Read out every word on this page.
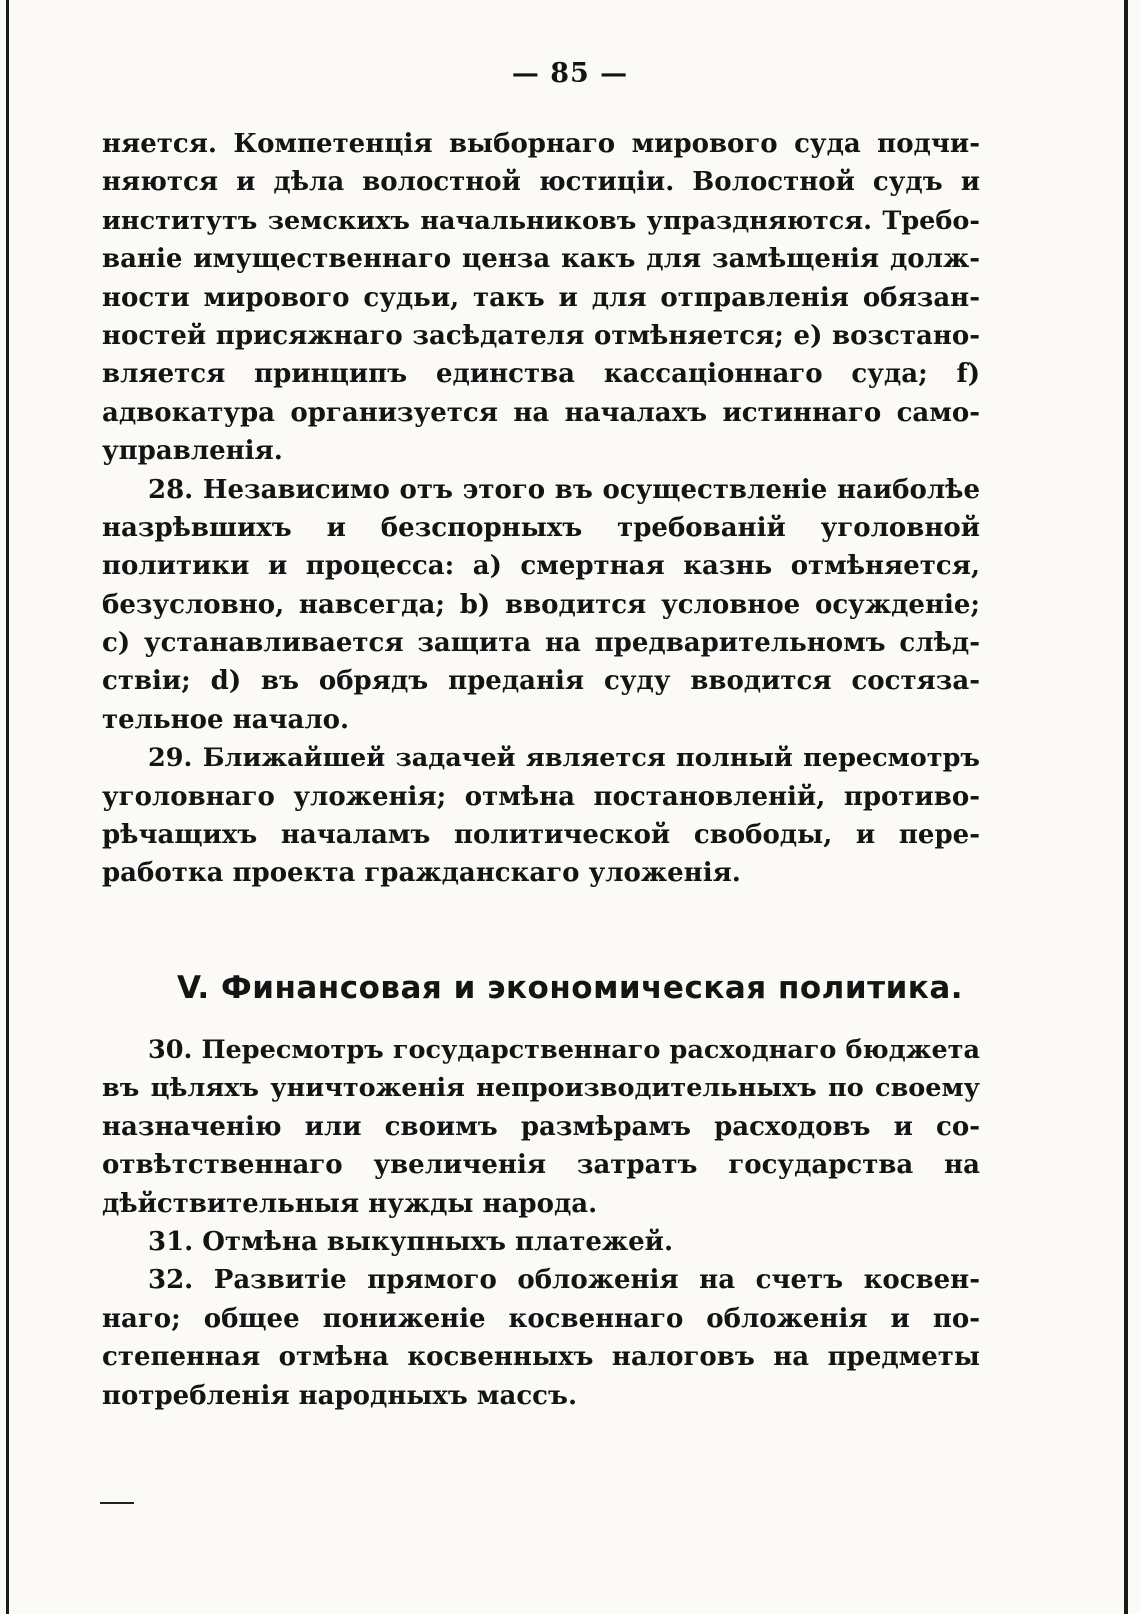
— 85 —
няется. Компетенція выборнаго мирового суда подчи-
няются и дѣла волостной юстиціи. Волостной судъ и
институтъ земскихъ начальниковъ упраздняются. Требо-
ваніе имущественнаго ценза какъ для замѣщенія долж-
ности мирового судьи, такъ и для отправленія обязан-
ностей присяжнаго засѣдателя отмѣняется; e) возстано-
вляется принципъ единства кассаціоннаго суда; f)
адвокатура организуется на началахъ истиннаго само-
управленія.
28. Независимо отъ этого въ осуществленіе наиболѣе
назрѣвшихъ и безспорныхъ требованій уголовной
политики и процесса: a) смертная казнь отмѣняется,
безусловно, навсегда; b) вводится условное осужденіе;
c) устанавливается защита на предварительномъ слѣд-
ствіи; d) въ обрядъ преданія суду вводится состяза-
тельное начало.
29. Ближайшей задачей является полный пересмотръ
уголовнаго уложенія; отмѣна постановленій, противо-
рѣчащихъ началамъ политической свободы, и пере-
работка проекта гражданскаго уложенія.
V. Финансовая и экономическая политика.
30. Пересмотръ государственнаго расходнаго бюджета
въ цѣляхъ уничтоженія непроизводительныхъ по своему
назначенію или своимъ размѣрамъ расходовъ и со-
отвѣтственнаго увеличенія затратъ государства на
дѣйствительныя нужды народа.
31. Отмѣна выкупныхъ платежей.
32. Развитіе прямого обложенія на счетъ косвен-
наго; общее пониженіе косвеннаго обложенія и по-
степенная отмѣна косвенныхъ налоговъ на предметы
потребленія народныхъ массъ.
